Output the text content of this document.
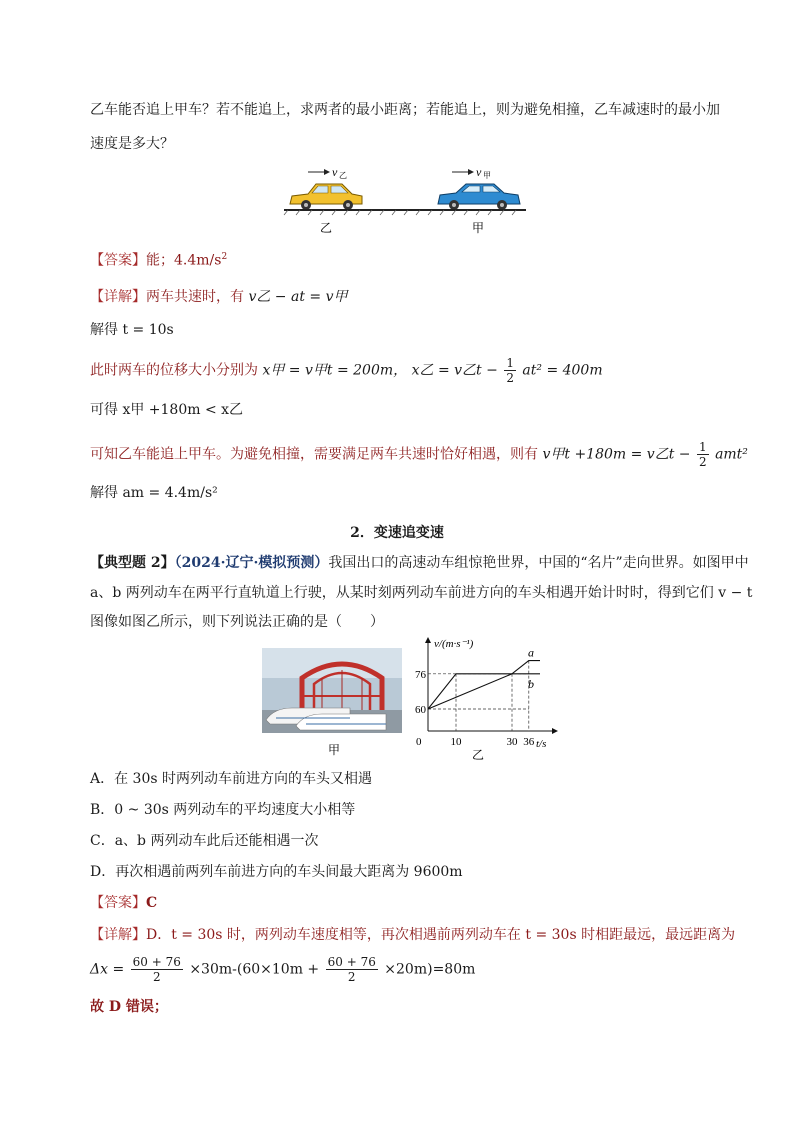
乙车能否追上甲车？若不能追上，求两者的最小距离；若能追上，则为避免相撞，乙车减速时的最小加
速度是多大？
v 乙	v 甲
乙	甲
【答案】能；$4.4m/s^2$
【详解】两车共速时，有 v乙 − at = v甲
解得 t = 10s
此时两车的位移大小分别为 x甲 = v甲t = 200m， x乙 = v乙$t - \frac{1}{2} at^2 = 400m$
可得 x甲 +180m < x乙
可知乙车能追上甲车。为避免相撞，需要满足两车共速时恰好相遇，则有 v甲t +180m = v乙$t - \frac{1}{2} amt^2$
解得 am = 4.4m/s²
2．变速追变速
【典型题 2】（2024·辽宁·模拟预测）我国出口的高速动车组惊艳世界，中国的“名片”走向世界。如图甲中
a、b 两列动车在两平行直轨道上行驶，从某时刻两列动车前进方向的车头相遇开始计时时，得到它们 v − t
图像如图乙所示，则下列说法正确的是（　　）
甲
v/(m·s⁻¹)
t/s
0
60
76
10	30 36
a
b
乙
A．在 30s 时两列动车前进方向的车头又相遇
B．0 ~ 30s 两列动车的平均速度大小相等
C．a、b 两列动车此后还能相遇一次
D．再次相遇前两列车前进方向的车头间最大距离为 9600m
【答案】C
【详解】D．t = 30s 时，两列动车速度相等，再次相遇前两列动车在 t = 30s 时相距最远，最远距离为
$\Delta x = \frac{60 + 76}{2} \times 30m-(60\times 10m + \frac{60 + 76}{2} \times 20m)=80m$
故 D 错误；
